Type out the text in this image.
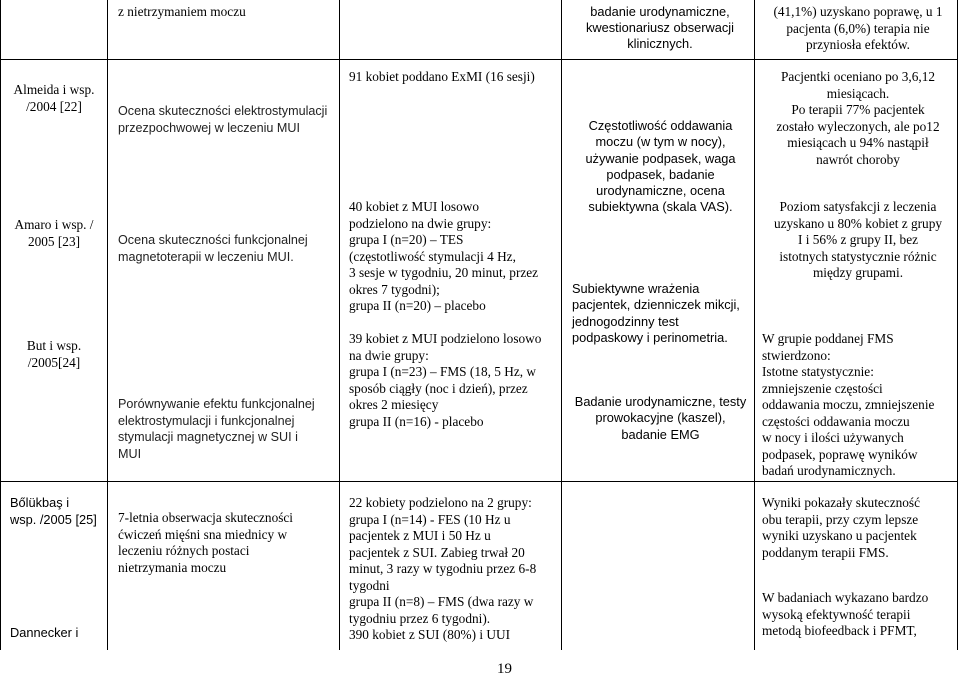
z nietrzymaniem moczu	badanie urodynamiczne,
kwestionariusz obserwacji
klinicznych.

(41,1%) uzyskano poprawę, u 1
pacjenta (6,0%) terapia nie
przyniosła efektów.

Almeida i wsp.
/2004 [22]

Amaro i wsp. /
2005 [23]

But i wsp.
/2005[24]

Ocena skuteczności elektrostymulacji
przezpochwowej w leczeniu MUI

Ocena skuteczności funkcjonalnej
magnetoterapii w leczeniu MUI.

Porównywanie efektu funkcjonalnej
elektrostymulacji i funkcjonalnej
stymulacji magnetycznej w SUI i
MUI

91 kobiet poddano ExMI (16 sesji)

40 kobiet z MUI losowo
podzielono na dwie grupy:
grupa I (n=20) – TES
(częstotliwość stymulacji 4 Hz,
3 sesje w tygodniu, 20 minut, przez
okres 7 tygodni);
grupa II (n=20) – placebo

39 kobiet z MUI podzielono losowo
na dwie grupy:
grupa I (n=23) – FMS (18, 5 Hz, w
sposób ciągły (noc i dzień), przez
okres 2 miesięcy
grupa II (n=16) - placebo

Częstotliwość oddawania
moczu (w tym w nocy),
używanie podpasek, waga
podpasek, badanie
urodynamiczne, ocena
subiektywna (skala VAS).

Subiektywne wrażenia
pacjentek, dzienniczek mikcji,
jednogodzinny test
podpaskowy i perinometria.

Badanie urodynamiczne, testy
prowokacyjne (kaszel),
badanie EMG

Pacjentki oceniano po 3,6,12
miesiącach.
Po terapii 77% pacjentek
zostało wyleczonych, ale po12
miesiącach u 94% nastąpił
nawrót choroby

Poziom satysfakcji z leczenia
uzyskano u 80% kobiet z grupy
I i 56% z grupy II, bez
istotnych statystycznie różnic
między grupami.

W grupie poddanej FMS
stwierdzono:
Istotne statystycznie:
zmniejszenie częstości
oddawania moczu, zmniejszenie
częstości oddawania moczu
w nocy i ilości używanych
podpasek, poprawę wyników
badań urodynamicznych.

Bőlükbaş i
wsp. /2005 [25]

Dannecker i

7-letnia obserwacja skuteczności
ćwiczeń mięśni sna miednicy w
leczeniu różnych postaci
nietrzymania moczu

22 kobiety podzielono na 2 grupy:
grupa I (n=14) - FES (10 Hz u
pacjentek z MUI i 50 Hz u
pacjentek z SUI. Zabieg trwał 20
minut, 3 razy w tygodniu przez 6-8
tygodni
grupa II (n=8) – FMS (dwa razy w
tygodniu przez 6 tygodni).
390 kobiet z SUI (80%) i UUI

Wyniki pokazały skuteczność
obu terapii, przy czym lepsze
wyniki uzyskano u pacjentek
poddanym terapii FMS.

W badaniach wykazano bardzo
wysoką efektywność terapii
metodą biofeedback i PFMT,

19
